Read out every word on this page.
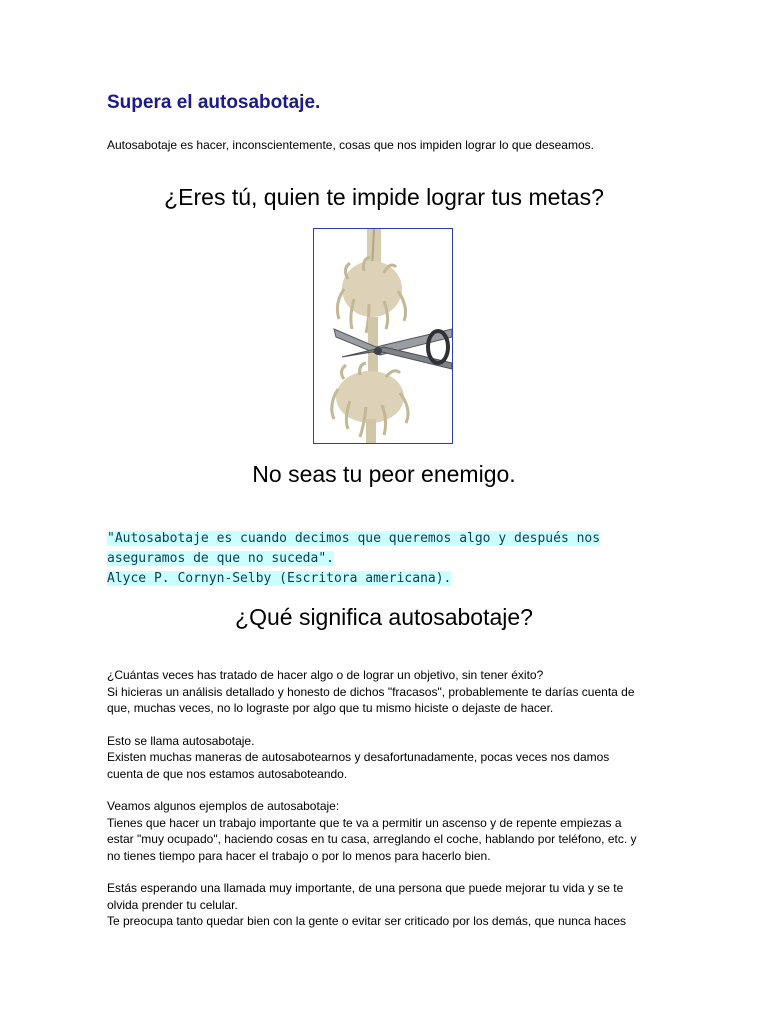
Supera el autosabotaje.
Autosabotaje es hacer, inconscientemente, cosas que nos impiden lograr lo que deseamos.
¿Eres tú, quien te impide lograr tus metas?
No seas tu peor enemigo.
"Autosabotaje es cuando decimos que queremos algo y después nos
aseguramos de que no suceda".
Alyce P. Cornyn-Selby (Escritora americana).
¿Qué significa autosabotaje?

¿Cuántas veces has tratado de hacer algo o de lograr un objetivo, sin tener éxito?
Si hicieras un análisis detallado y honesto de dichos "fracasos", probablemente te darías cuenta de
que, muchas veces, no lo lograste por algo que tu mismo hiciste o dejaste de hacer.

Esto se llama autosabotaje.
Existen muchas maneras de autosabotearnos y desafortunadamente, pocas veces nos damos
cuenta de que nos estamos autosaboteando.

Veamos algunos ejemplos de autosabotaje:
Tienes que hacer un trabajo importante que te va a permitir un ascenso y de repente empiezas a
estar "muy ocupado", haciendo cosas en tu casa, arreglando el coche, hablando por teléfono, etc. y
no tienes tiempo para hacer el trabajo o por lo menos para hacerlo bien.

Estás esperando una llamada muy importante, de una persona que puede mejorar tu vida y se te
olvida prender tu celular.
Te preocupa tanto quedar bien con la gente o evitar ser criticado por los demás, que nunca haces
